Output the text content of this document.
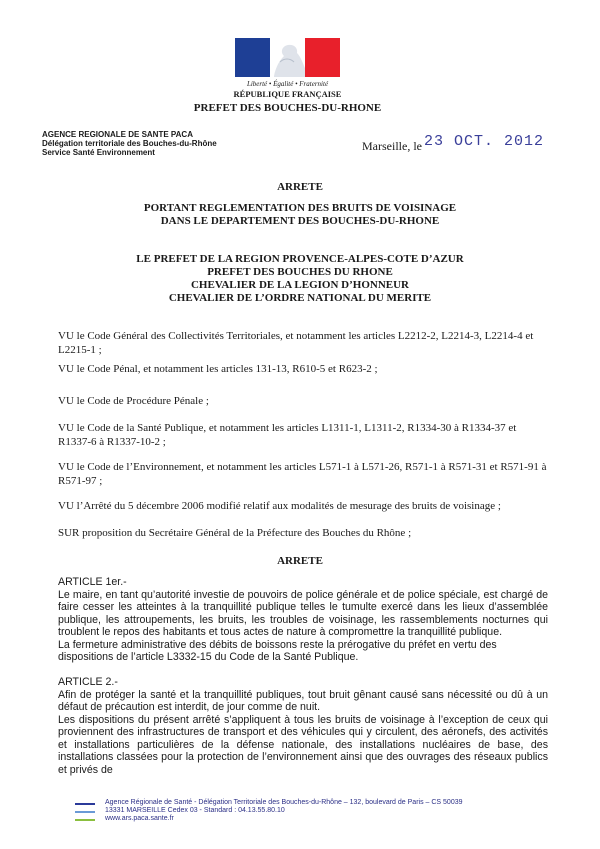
Liberté • Égalité • Fraternité
RÉPUBLIQUE FRANÇAISE
PREFET DES BOUCHES-DU-RHONE
AGENCE REGIONALE DE SANTE PACA
Délégation territoriale des Bouches-du-Rhône
Service Santé Environnement	Marseille, le 23 OCT. 2012
ARRETE
PORTANT REGLEMENTATION DES BRUITS DE VOISINAGE
DANS LE DEPARTEMENT DES BOUCHES-DU-RHONE
LE PREFET DE LA REGION PROVENCE-ALPES-COTE D’AZUR
PREFET DES BOUCHES DU RHONE
CHEVALIER DE LA LEGION D’HONNEUR
CHEVALIER DE L’ORDRE NATIONAL DU MERITE
VU le Code Général des Collectivités Territoriales, et notamment les articles L2212-2, L2214-3, L2214-4 et L2215-1 ;
VU le Code Pénal, et notamment les articles 131-13, R610-5 et R623-2 ;
VU le Code de Procédure Pénale ;
VU le Code de la Santé Publique, et notamment les articles L1311-1, L1311-2, R1334-30 à R1334-37 et R1337-6 à R1337-10-2 ;
VU le Code de l’Environnement, et notamment les articles L571-1 à L571-26, R571-1 à R571-31 et R571-91 à R571-97 ;
VU l’Arrêté du 5 décembre 2006 modifié relatif aux modalités de mesurage des bruits de voisinage ;
SUR proposition du Secrétaire Général de la Préfecture des Bouches du Rhône ;
ARRETE

ARTICLE 1er.-

Le maire, en tant qu’autorité investie de pouvoirs de police générale et de police spéciale, est chargé de faire cesser les atteintes à la tranquillité publique telles le tumulte exercé dans les lieux d’assemblée publique, les attroupements, les bruits, les troubles de voisinage, les rassemblements nocturnes qui troublent le repos des habitants et tous actes de nature à compromettre la tranquillité publique.

La fermeture administrative des débits de boissons reste la prérogative du préfet en vertu des dispositions de l’article L3332-15 du Code de la Santé Publique.

ARTICLE 2.-

Afin de protéger la santé et la tranquillité publiques, tout bruit gênant causé sans nécessité ou dû à un défaut de précaution est interdit, de jour comme de nuit.

Les dispositions du présent arrêté s’appliquent à tous les bruits de voisinage à l’exception de ceux qui proviennent des infrastructures de transport et des véhicules qui y circulent, des aéronefs, des activités et installations particulières de la défense nationale, des installations nucléaires de base, des installations classées pour la protection de l’environnement ainsi que des ouvrages des réseaux publics et privés de

Agence Régionale de Santé - Délégation Territoriale des Bouches-du-Rhône – 132, boulevard de Paris – CS 50039
13331 MARSEILLE Cedex 03 - Standard : 04.13.55.80.10
www.ars.paca.sante.fr
